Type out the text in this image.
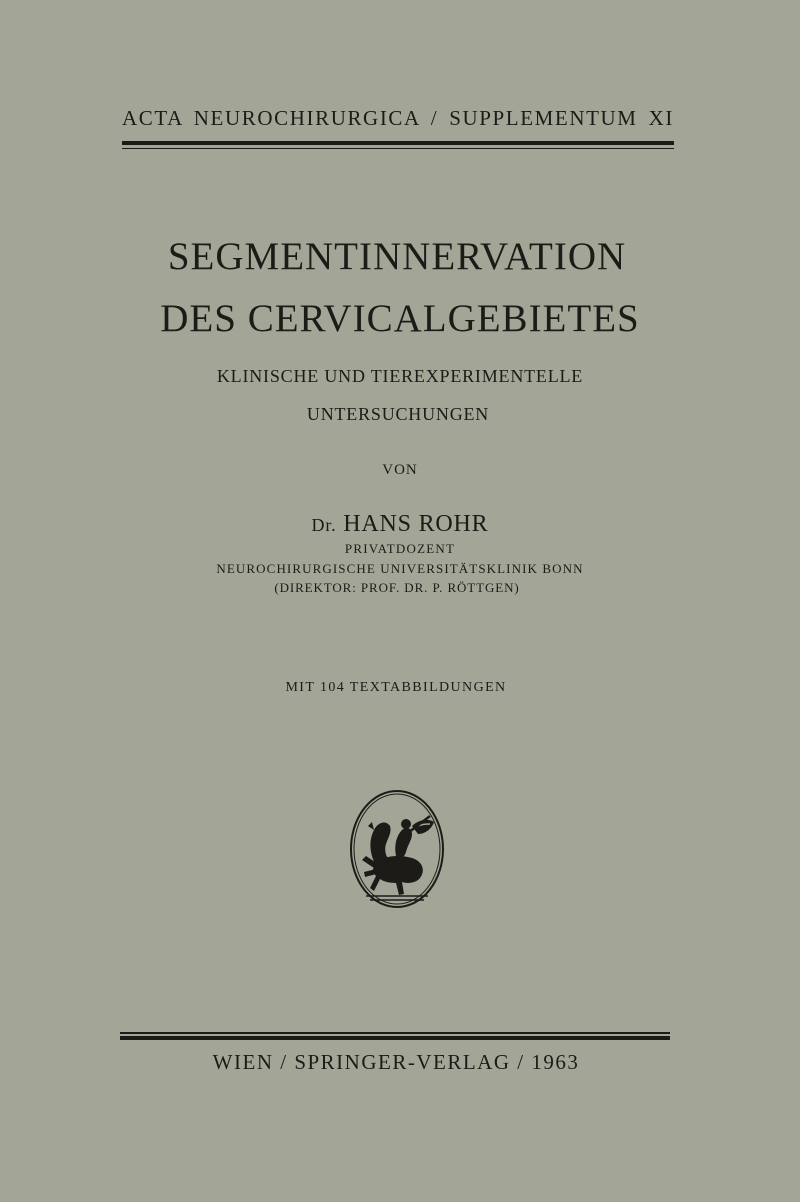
ACTA NEUROCHIRURGICA / SUPPLEMENTUM XI
SEGMENTINNERVATION
DES CERVICALGEBIETES
KLINISCHE UND TIEREXPERIMENTELLE
UNTERSUCHUNGEN
VON
Dr. HANS ROHR
PRIVATDOZENT
NEUROCHIRURGISCHE UNIVERSITÄTSKLINIK BONN
(DIREKTOR: PROF. DR. P. RÖTTGEN)
MIT 104 TEXTABBILDUNGEN
WIEN / SPRINGER-VERLAG / 1963
